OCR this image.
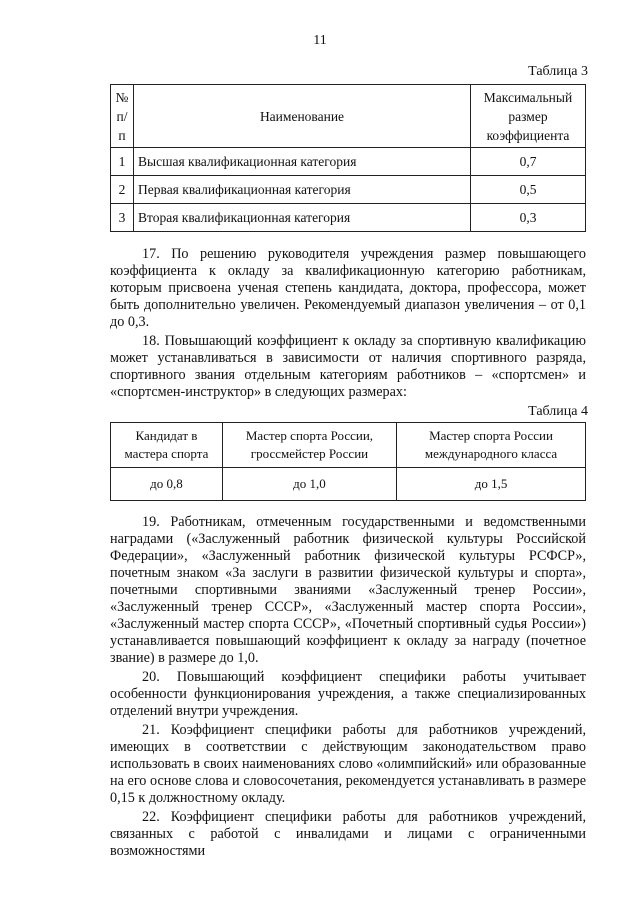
11
Таблица 3
№ п/п	Наименование	Максимальный размер коэффициента
1	Высшая квалификационная категория	0,7
2	Первая квалификационная категория	0,5
3	Вторая квалификационная категория	0,3

17. По решению руководителя учреждения размер повышающего коэффициента к окладу за квалификационную категорию работникам, которым присвоена ученая степень кандидата, доктора, профессора, может быть дополнительно увеличен. Рекомендуемый диапазон увеличения – от 0,1 до 0,3.

18. Повышающий коэффициент к окладу за спортивную квалификацию может устанавливаться в зависимости от наличия спортивного разряда, спортивного звания отдельным категориям работников – «спортсмен» и «спортсмен-инструктор» в следующих размерах:

Таблица 4
Кандидат в мастера спорта	Мастер спорта России, гроссмейстер России	Мастер спорта России международного класса
до 0,8	до 1,0	до 1,5

19. Работникам, отмеченным государственными и ведомственными наградами («Заслуженный работник физической культуры Российской Федерации», «Заслуженный работник физической культуры РСФСР», почетным знаком «За заслуги в развитии физической культуры и спорта», почетными спортивными званиями «Заслуженный тренер России», «Заслуженный тренер СССР», «Заслуженный мастер спорта России», «Заслуженный мастер спорта СССР», «Почетный спортивный судья России») устанавливается повышающий коэффициент к окладу за награду (почетное звание) в размере до 1,0.

20. Повышающий коэффициент специфики работы учитывает особенности функционирования учреждения, а также специализированных отделений внутри учреждения.

21. Коэффициент специфики работы для работников учреждений, имеющих в соответствии с действующим законодательством право использовать в своих наименованиях слово «олимпийский» или образованные на его основе слова и словосочетания, рекомендуется устанавливать в размере 0,15 к должностному окладу.

22. Коэффициент специфики работы для работников учреждений, связанных с работой с инвалидами и лицами с ограниченными возможностями
